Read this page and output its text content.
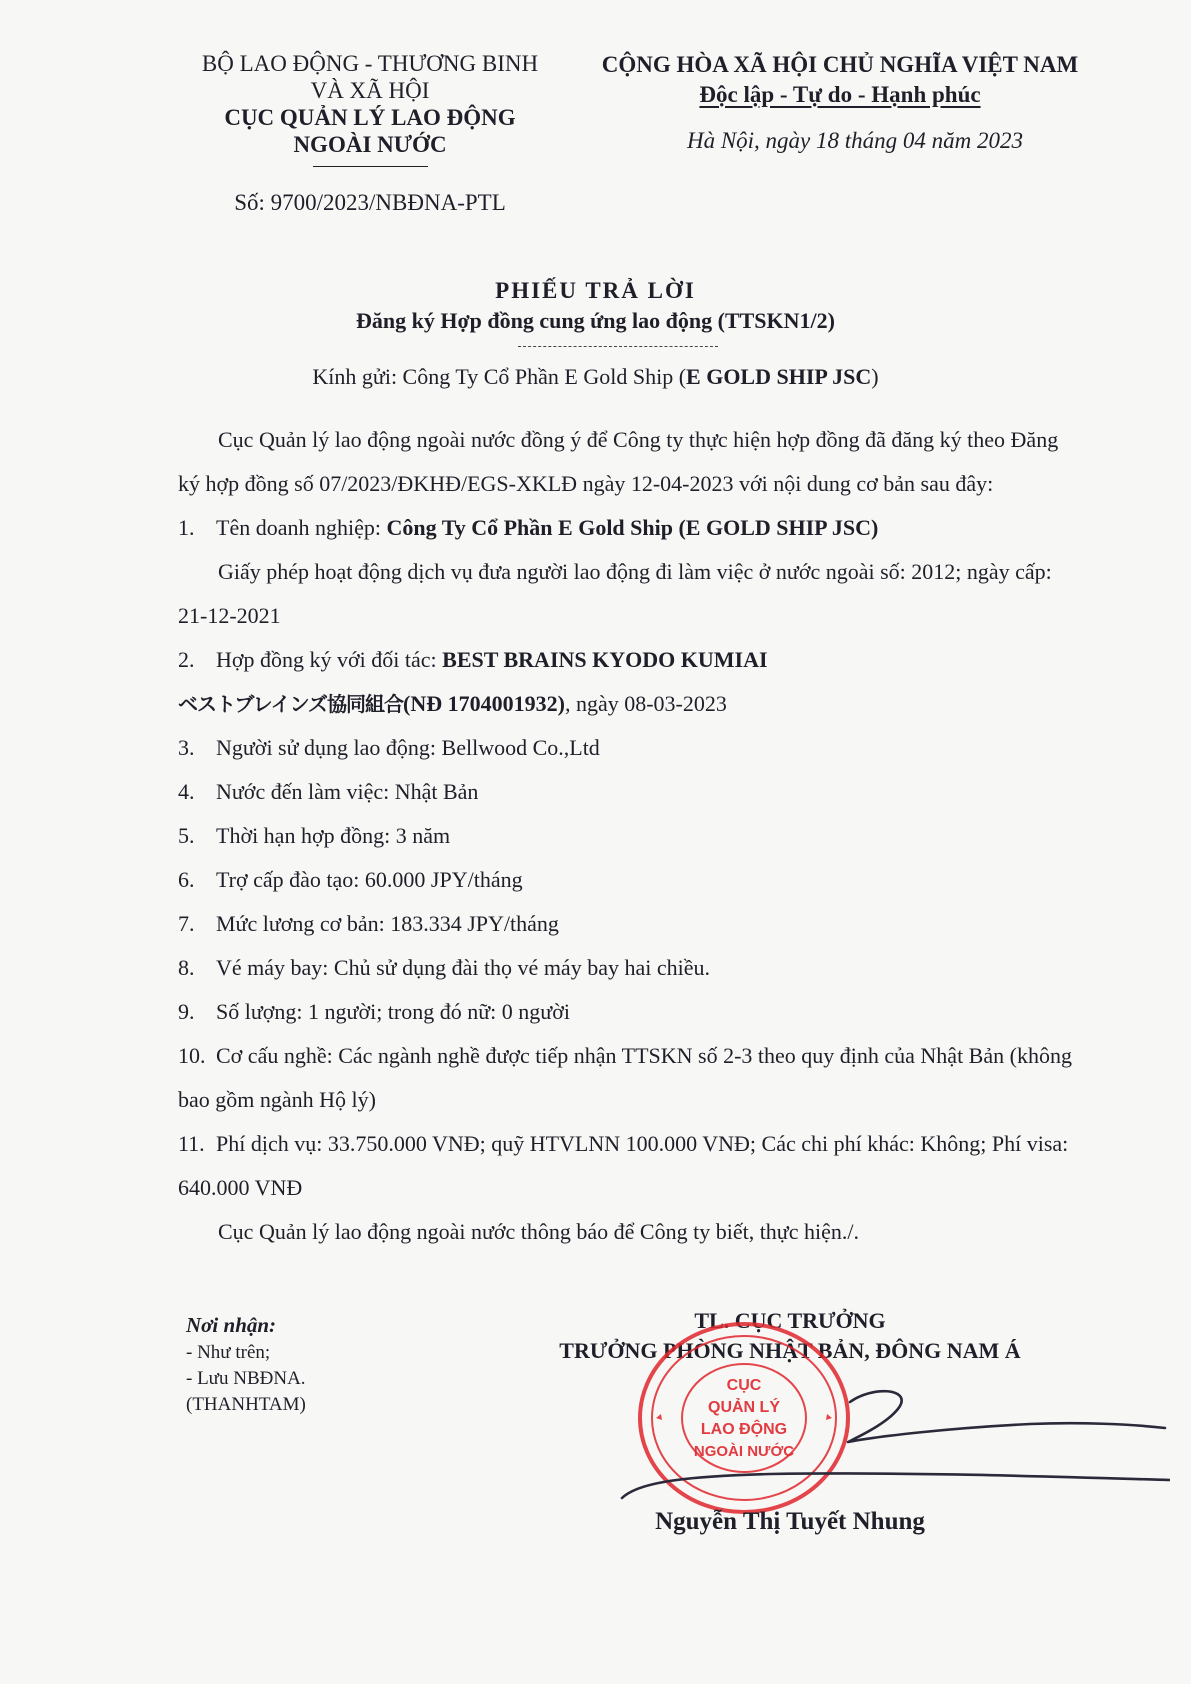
BỘ LAO ĐỘNG - THƯƠNG BINH
VÀ XÃ HỘI
CỤC QUẢN LÝ LAO ĐỘNG
NGOÀI NƯỚC
Số: 9700/2023/NBĐNA-PTL
CỘNG HÒA XÃ HỘI CHỦ NGHĨA VIỆT NAM
Độc lập - Tự do - Hạnh phúc
Hà Nội, ngày 18 tháng 04 năm 2023
PHIẾU TRẢ LỜI
Đăng ký Hợp đồng cung ứng lao động (TTSKN1/2)
Kính gửi: Công Ty Cổ Phần E Gold Ship (E GOLD SHIP JSC)

Cục Quản lý lao động ngoài nước đồng ý để Công ty thực hiện hợp đồng đã đăng ký theo Đăng ký hợp đồng số 07/2023/ĐKHĐ/EGS-XKLĐ ngày 12-04-2023 với nội dung cơ bản sau đây:

1. Tên doanh nghiệp: Công Ty Cổ Phần E Gold Ship (E GOLD SHIP JSC)

Giấy phép hoạt động dịch vụ đưa người lao động đi làm việc ở nước ngoài số: 2012; ngày cấp: 21-12-2021

2. Hợp đồng ký với đối tác: BEST BRAINS KYODO KUMIAI

ベストブレインズ協同組合(NĐ 1704001932), ngày 08-03-2023

3. Người sử dụng lao động: Bellwood Co.,Ltd

4. Nước đến làm việc: Nhật Bản

5. Thời hạn hợp đồng: 3 năm

6. Trợ cấp đào tạo: 60.000 JPY/tháng

7. Mức lương cơ bản: 183.334 JPY/tháng

8. Vé máy bay: Chủ sử dụng đài thọ vé máy bay hai chiều.

9. Số lượng: 1 người; trong đó nữ: 0 người

10. Cơ cấu nghề: Các ngành nghề được tiếp nhận TTSKN số 2-3 theo quy định của Nhật Bản (không bao gồm ngành Hộ lý)

11. Phí dịch vụ: 33.750.000 VNĐ; quỹ HTVLNN 100.000 VNĐ; Các chi phí khác: Không; Phí visa: 640.000 VNĐ

Cục Quản lý lao động ngoài nước thông báo để Công ty biết, thực hiện./.

Nơi nhận:
- Như trên;
- Lưu NBĐNA.
(THANHTAM)
TL. CỤC TRƯỞNG
TRƯỞNG PHÒNG NHẬT BẢN, ĐÔNG NAM Á
CỤC
QUẢN LÝ
LAO ĐỘNG
NGOÀI NƯỚC
Nguyễn Thị Tuyết Nhung
